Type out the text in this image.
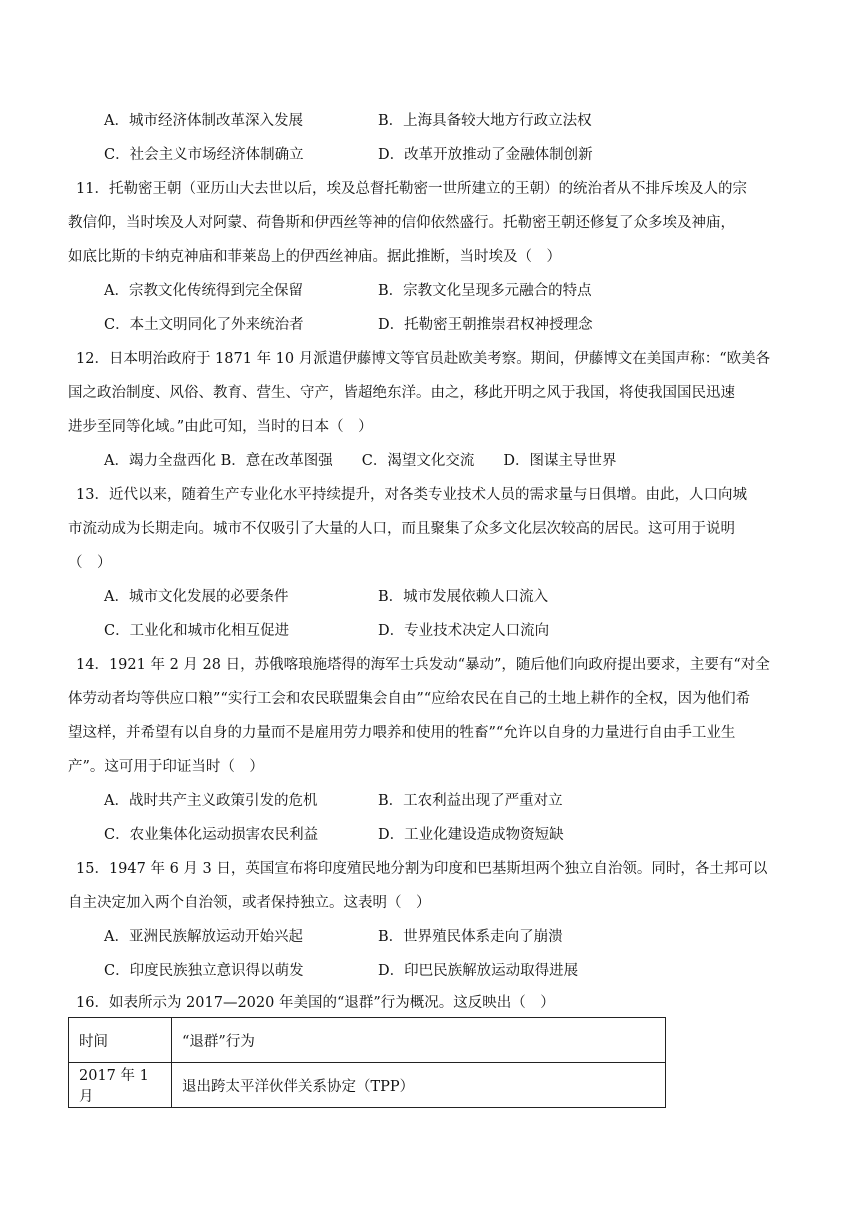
A．城市经济体制改革深入发展	B．上海具备较大地方行政立法权
C．社会主义市场经济体制确立	D．改革开放推动了金融体制创新
11．托勒密王朝（亚历山大去世以后，埃及总督托勒密一世所建立的王朝）的统治者从不排斥埃及人的宗
教信仰，当时埃及人对阿蒙、荷鲁斯和伊西丝等神的信仰依然盛行。托勒密王朝还修复了众多埃及神庙，
如底比斯的卡纳克神庙和菲莱岛上的伊西丝神庙。据此推断，当时埃及（　）
A．宗教文化传统得到完全保留	B．宗教文化呈现多元融合的特点
C．本土文明同化了外来统治者	D．托勒密王朝推崇君权神授理念
12．日本明治政府于 1871 年 10 月派遣伊藤博文等官员赴欧美考察。期间，伊藤博文在美国声称：“欧美各
国之政治制度、风俗、教育、营生、守产，皆超绝东洋。由之，移此开明之风于我国，将使我国国民迅速
进步至同等化域。”由此可知，当时的日本（　）
A．竭力全盘西化 B．意在改革图强　　C．渴望文化交流　　D．图谋主导世界
13．近代以来，随着生产专业化水平持续提升，对各类专业技术人员的需求量与日俱增。由此，人口向城
市流动成为长期走向。城市不仅吸引了大量的人口，而且聚集了众多文化层次较高的居民。这可用于说明
（　）
A．城市文化发展的必要条件	B．城市发展依赖人口流入
C．工业化和城市化相互促进	D．专业技术决定人口流向
14．1921 年 2 月 28 日，苏俄喀琅施塔得的海军士兵发动“暴动”，随后他们向政府提出要求，主要有“对全
体劳动者均等供应口粮”“实行工会和农民联盟集会自由”“应给农民在自己的土地上耕作的全权，因为他们希
望这样，并希望有以自身的力量而不是雇用劳力喂养和使用的牲畜”“允许以自身的力量进行自由手工业生
产”。这可用于印证当时（　）
A．战时共产主义政策引发的危机	B．工农利益出现了严重对立
C．农业集体化运动损害农民利益	D．工业化建设造成物资短缺
15．1947 年 6 月 3 日，英国宣布将印度殖民地分割为印度和巴基斯坦两个独立自治领。同时，各土邦可以
自主决定加入两个自治领，或者保持独立。这表明（　）
A．亚洲民族解放运动开始兴起	B．世界殖民体系走向了崩溃
C．印度民族独立意识得以萌发	D．印巴民族解放运动取得进展
16．如表所示为 2017—2020 年美国的“退群”行为概况。这反映出（　）
时间	“退群”行为
2017 年 1 月	退出跨太平洋伙伴关系协定（TPP）
